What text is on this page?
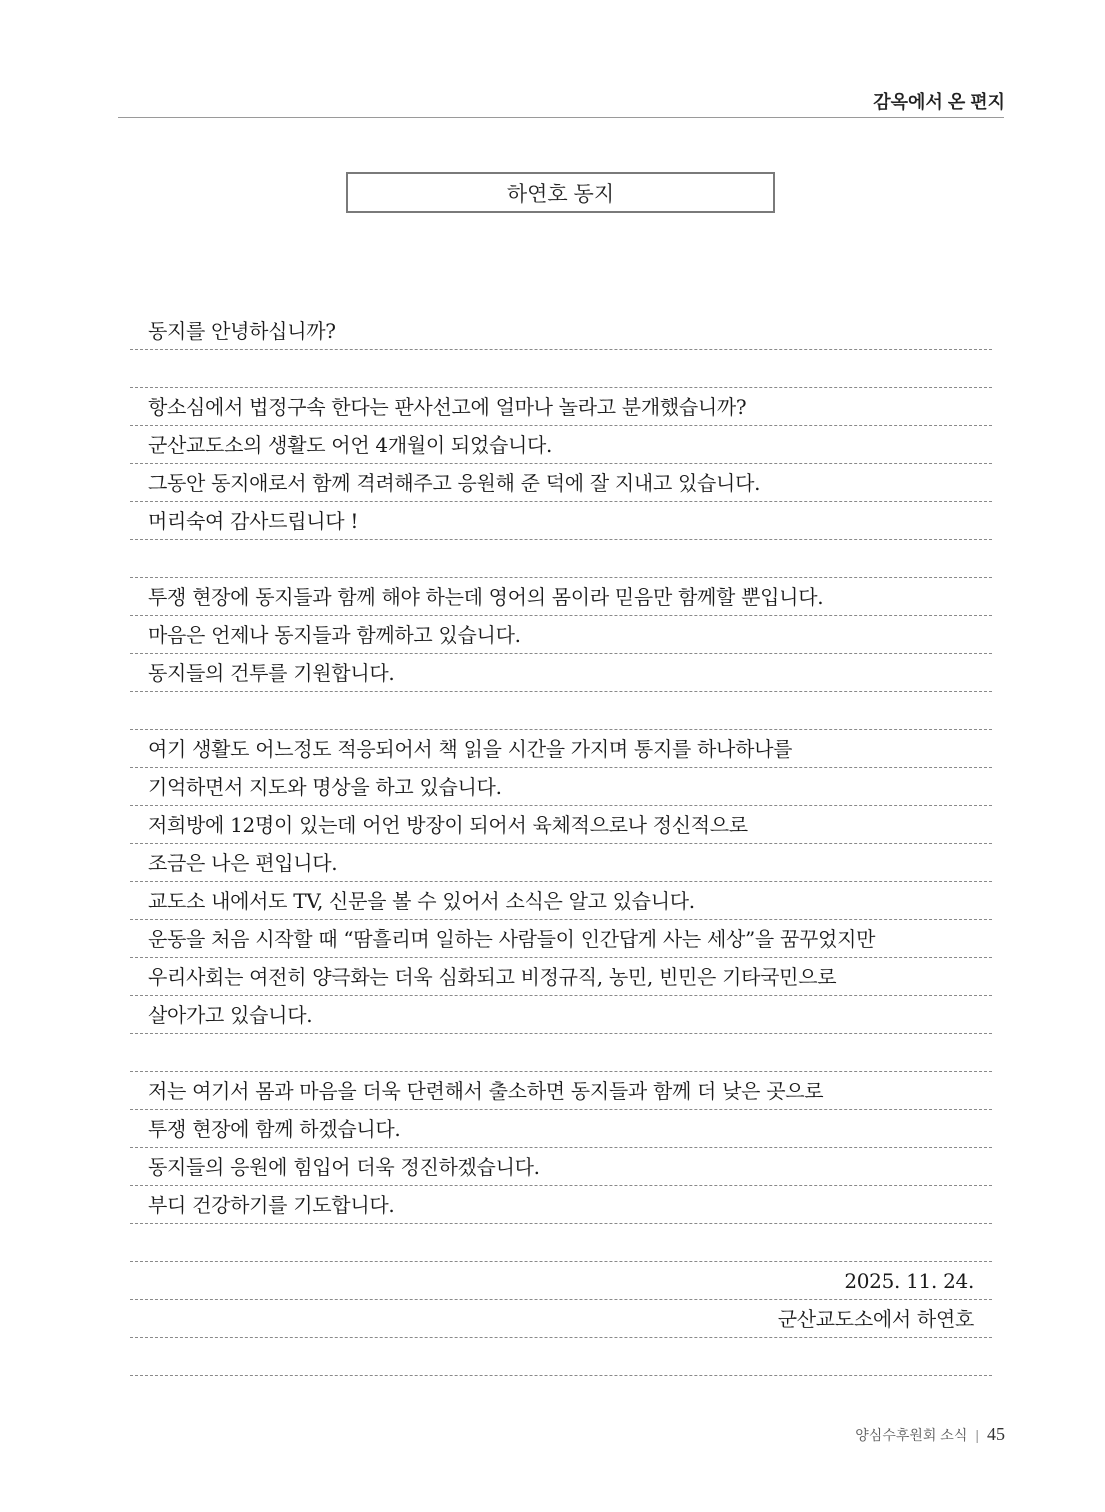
감옥에서 온 편지
하연호 동지
동지를 안녕하십니까?
항소심에서 법정구속 한다는 판사선고에 얼마나 놀라고 분개했습니까?
군산교도소의 생활도 어언 4개월이 되었습니다.
그동안 동지애로서 함께 격려해주고 응원해 준 덕에 잘 지내고 있습니다.
머리숙여 감사드립니다 !
투쟁 현장에 동지들과 함께 해야 하는데 영어의 몸이라 믿음만 함께할 뿐입니다.
마음은 언제나 동지들과 함께하고 있습니다.
동지들의 건투를 기원합니다.
여기 생활도 어느정도 적응되어서 책 읽을 시간을 가지며 통지를 하나하나를
기억하면서 지도와 명상을 하고 있습니다.
저희방에 12명이 있는데 어언 방장이 되어서 육체적으로나 정신적으로
조금은 나은 편입니다.
교도소 내에서도 TV, 신문을 볼 수 있어서 소식은 알고 있습니다.
운동을 처음 시작할 때 “땀흘리며 일하는 사람들이 인간답게 사는 세상”을 꿈꾸었지만
우리사회는 여전히 양극화는 더욱 심화되고 비정규직, 농민, 빈민은 기타국민으로
살아가고 있습니다.
저는 여기서 몸과 마음을 더욱 단련해서 출소하면 동지들과 함께 더 낮은 곳으로
투쟁 현장에 함께 하겠습니다.
동지들의 응원에 힘입어 더욱 정진하겠습니다.
부디 건강하기를 기도합니다.
2025. 11. 24.
군산교도소에서 하연호
양심수후원회 소식 | 45
